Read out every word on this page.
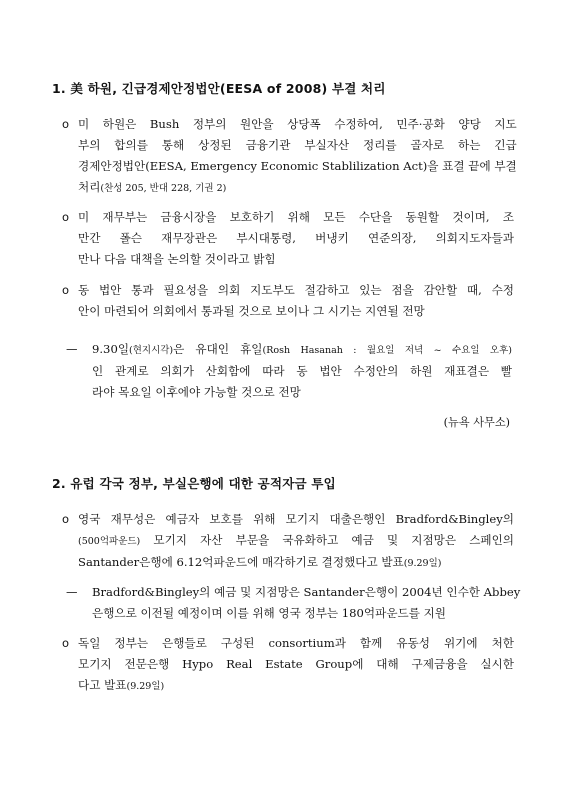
1. 美 하원, 긴급경제안정법안(EESA of 2008) 부결 처리
o 미 하원은 Bush 정부의 원안을 상당폭 수정하여, 민주·공화 양당 지도
부의 합의를 통해 상정된 금융기관 부실자산 정리를 골자로 하는 긴급
경제안정법안(EESA, Emergency Economic Stablilization Act)을 표결 끝에 부결
처리(찬성 205, 반대 228, 기권 2)
o 미 재무부는 금융시장을 보호하기 위해 모든 수단을 동원할 것이며, 조
만간 폴슨 재무장관은 부시대통령, 버냉키 연준의장, 의회지도자들과
만나 다음 대책을 논의할 것이라고 밝힘
o 동 법안 통과 필요성을 의회 지도부도 절감하고 있는 점을 감안할 때, 수정
안이 마련되어 의회에서 통과될 것으로 보이나 그 시기는 지연될 전망
—	9.30일(현지시각)은 유대인 휴일(Rosh Hasanah : 월요일 저녁 ~ 수요일 오후)
인 관계로 의회가 산회함에 따라 동 법안 수정안의 하원 재표결은 빨
라야 목요일 이후에야 가능할 것으로 전망
(뉴욕 사무소)
2. 유럽 각국 정부, 부실은행에 대한 공적자금 투입
o 영국 재무성은 예금자 보호를 위해 모기지 대출은행인 Bradford&Bingley의
(500억파운드) 모기지 자산 부문을 국유화하고 예금 및 지점망은 스페인의
Santander은행에 6.12억파운드에 매각하기로 결정했다고 발표(9.29일)
—	Bradford&Bingley의 예금 및 지점망은 Santander은행이 2004년 인수한 Abbey
은행으로 이전될 예정이며 이를 위해 영국 정부는 180억파운드를 지원
o 독일 정부는 은행들로 구성된 consortium과 함께 유동성 위기에 처한
모기지 전문은행 Hypo Real Estate Group에 대해 구제금융을 실시한
다고 발표(9.29일)
